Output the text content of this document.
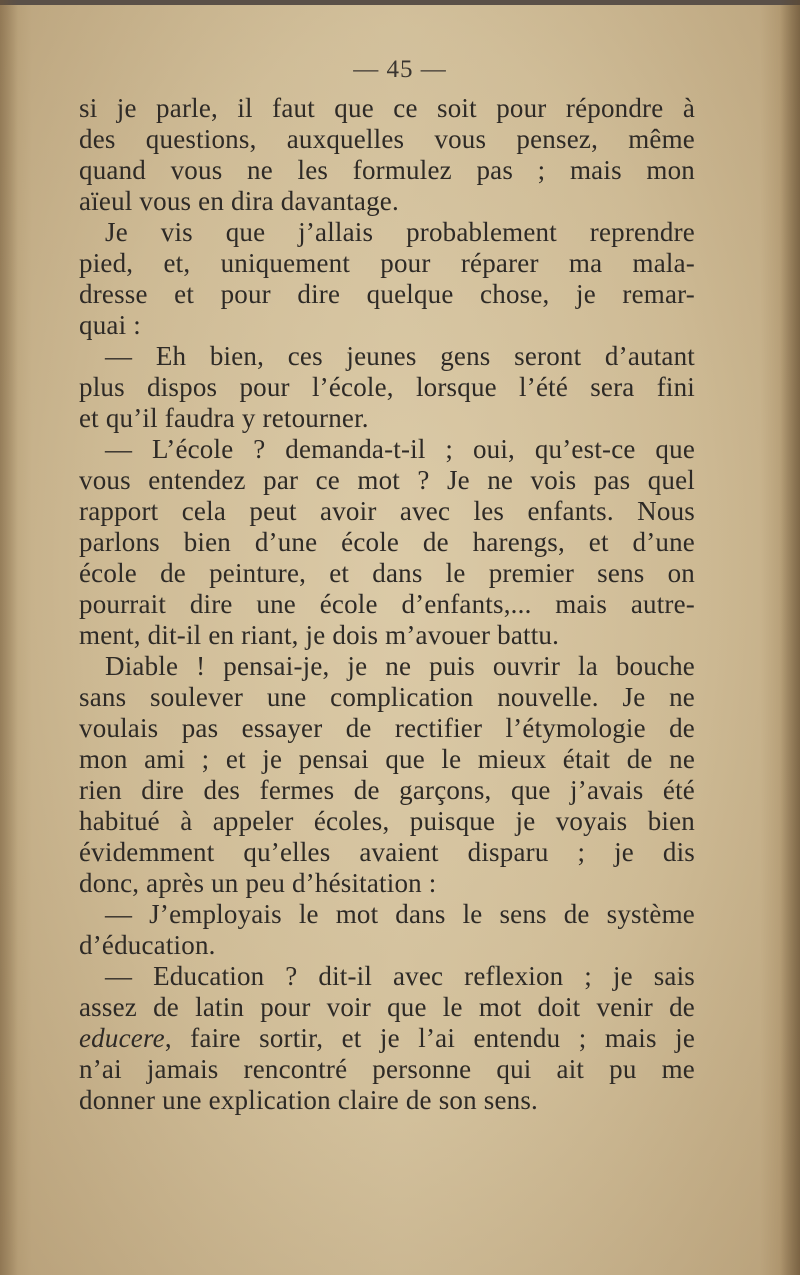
— 45 —
si je parle, il faut que ce soit pour répondre à
des questions, auxquelles vous pensez, même
quand vous ne les formulez pas ; mais mon
aïeul vous en dira davantage.
Je vis que j’allais probablement reprendre
pied, et, uniquement pour réparer ma mala-
dresse et pour dire quelque chose, je remar-
quai :
— Eh bien, ces jeunes gens seront d’autant
plus dispos pour l’école, lorsque l’été sera fini
et qu’il faudra y retourner.
— L’école ? demanda-t-il ; oui, qu’est-ce que
vous entendez par ce mot ? Je ne vois pas quel
rapport cela peut avoir avec les enfants. Nous
parlons bien d’une école de harengs, et d’une
école de peinture, et dans le premier sens on
pourrait dire une école d’enfants,... mais autre-
ment, dit-il en riant, je dois m’avouer battu.
Diable ! pensai-je, je ne puis ouvrir la bouche
sans soulever une complication nouvelle. Je ne
voulais pas essayer de rectifier l’étymologie de
mon ami ; et je pensai que le mieux était de ne
rien dire des fermes de garçons, que j’avais été
habitué à appeler écoles, puisque je voyais bien
évidemment qu’elles avaient disparu ; je dis
donc, après un peu d’hésitation :
— J’employais le mot dans le sens de système
d’éducation.
— Education ? dit-il avec reflexion ; je sais
assez de latin pour voir que le mot doit venir de
educere, faire sortir, et je l’ai entendu ; mais je
n’ai jamais rencontré personne qui ait pu me
donner une explication claire de son sens.
